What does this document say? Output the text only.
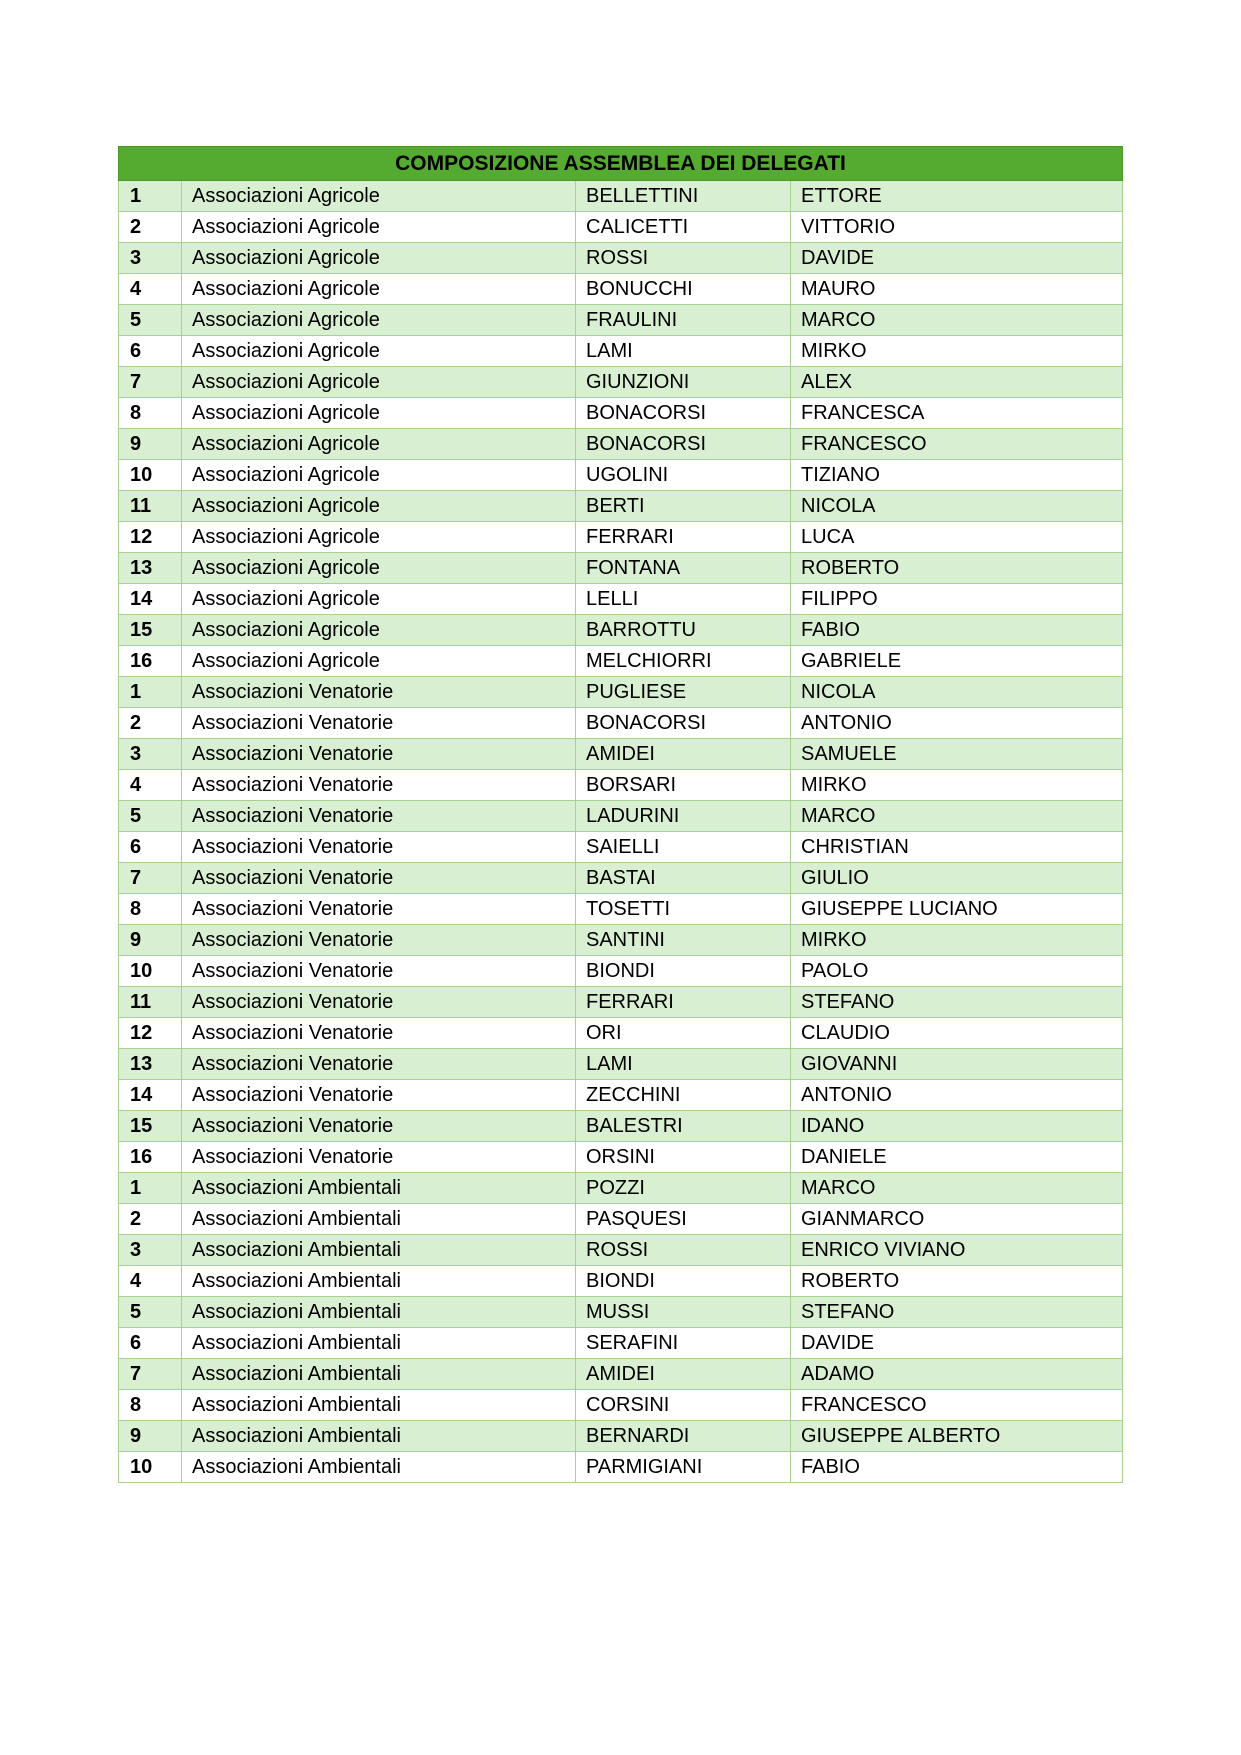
COMPOSIZIONE ASSEMBLEA DEI DELEGATI			
1	Associazioni Agricole	BELLETTINI	ETTORE
2	Associazioni Agricole	CALICETTI	VITTORIO
3	Associazioni Agricole	ROSSI	DAVIDE
4	Associazioni Agricole	BONUCCHI	MAURO
5	Associazioni Agricole	FRAULINI	MARCO
6	Associazioni Agricole	LAMI	MIRKO
7	Associazioni Agricole	GIUNZIONI	ALEX
8	Associazioni Agricole	BONACORSI	FRANCESCA
9	Associazioni Agricole	BONACORSI	FRANCESCO
10	Associazioni Agricole	UGOLINI	TIZIANO
11	Associazioni Agricole	BERTI	NICOLA
12	Associazioni Agricole	FERRARI	LUCA
13	Associazioni Agricole	FONTANA	ROBERTO
14	Associazioni Agricole	LELLI	FILIPPO
15	Associazioni Agricole	BARROTTU	FABIO
16	Associazioni Agricole	MELCHIORRI	GABRIELE
1	Associazioni Venatorie	PUGLIESE	NICOLA
2	Associazioni Venatorie	BONACORSI	ANTONIO
3	Associazioni Venatorie	AMIDEI	SAMUELE
4	Associazioni Venatorie	BORSARI	MIRKO
5	Associazioni Venatorie	LADURINI	MARCO
6	Associazioni Venatorie	SAIELLI	CHRISTIAN
7	Associazioni Venatorie	BASTAI	GIULIO
8	Associazioni Venatorie	TOSETTI	GIUSEPPE LUCIANO
9	Associazioni Venatorie	SANTINI	MIRKO
10	Associazioni Venatorie	BIONDI	PAOLO
11	Associazioni Venatorie	FERRARI	STEFANO
12	Associazioni Venatorie	ORI	CLAUDIO
13	Associazioni Venatorie	LAMI	GIOVANNI
14	Associazioni Venatorie	ZECCHINI	ANTONIO
15	Associazioni Venatorie	BALESTRI	IDANO
16	Associazioni Venatorie	ORSINI	DANIELE
1	Associazioni Ambientali	POZZI	MARCO
2	Associazioni Ambientali	PASQUESI	GIANMARCO
3	Associazioni Ambientali	ROSSI	ENRICO VIVIANO
4	Associazioni Ambientali	BIONDI	ROBERTO
5	Associazioni Ambientali	MUSSI	STEFANO
6	Associazioni Ambientali	SERAFINI	DAVIDE
7	Associazioni Ambientali	AMIDEI	ADAMO
8	Associazioni Ambientali	CORSINI	FRANCESCO
9	Associazioni Ambientali	BERNARDI	GIUSEPPE ALBERTO
10	Associazioni Ambientali	PARMIGIANI	FABIO
